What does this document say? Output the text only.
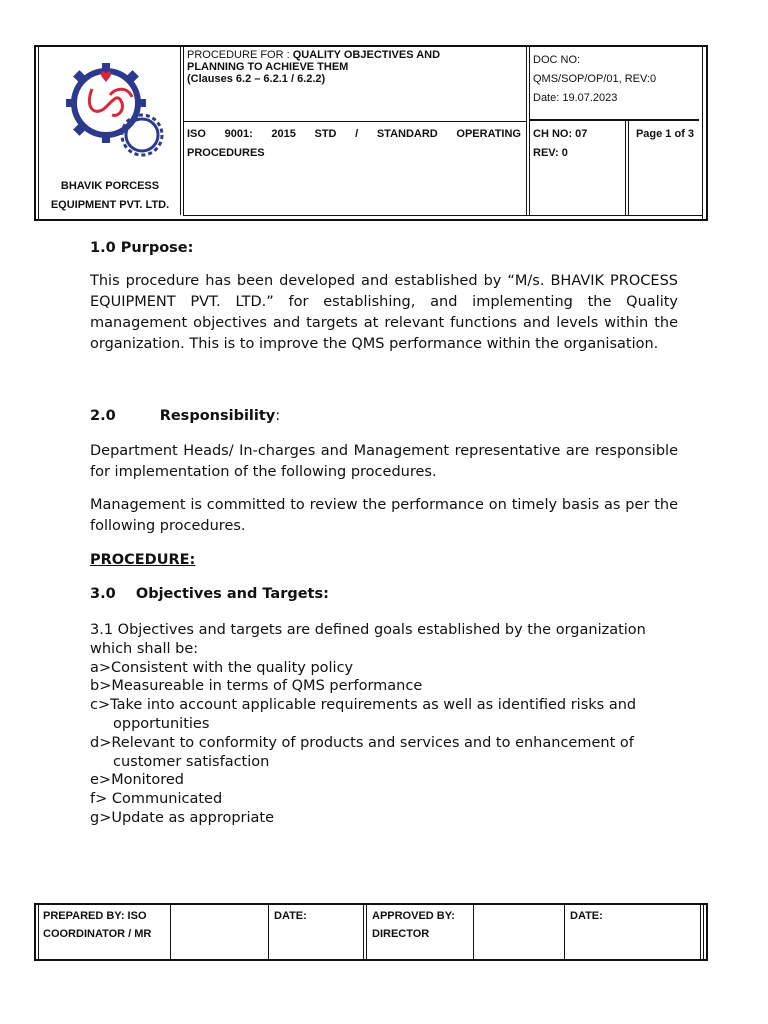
BHAVIK PORCESS
EQUIPMENT PVT. LTD.
PROCEDURE FOR : QUALITY OBJECTIVES AND
PLANNING TO ACHIEVE THEM
(Clauses 6.2 – 6.2.1 / 6.2.2)
ISO 9001: 2015 STD / STANDARD OPERATING
PROCEDURES
DOC NO:
QMS/SOP/OP/01, REV:0
Date: 19.07.2023
CH NO: 07
REV: 0
Page 1 of 3
1.0 Purpose:
This procedure has been developed and established by “M/s. BHAVIK PROCESS EQUIPMENT PVT. LTD.” for establishing, and implementing the Quality management objectives and targets at relevant functions and levels within the organization. This is to improve the QMS performance within the organisation.
2.0	Responsibility:
Department Heads/ In-charges and Management representative are responsible for implementation of the following procedures.
Management is committed to review the performance on timely basis as per the following procedures.
PROCEDURE:
3.0    Objectives and Targets:
3.1 Objectives and targets are defined goals established by the organization which shall be:
a>Consistent with the quality policy
b>Measureable in terms of QMS performance
c>Take into account applicable requirements as well as identified risks and opportunities
d>Relevant to conformity of products and services and to enhancement of customer satisfaction
e>Monitored
f> Communicated
g>Update as appropriate
PREPARED BY: ISO COORDINATOR / MR
DATE:	APPROVED BY: DIRECTOR
DATE:
